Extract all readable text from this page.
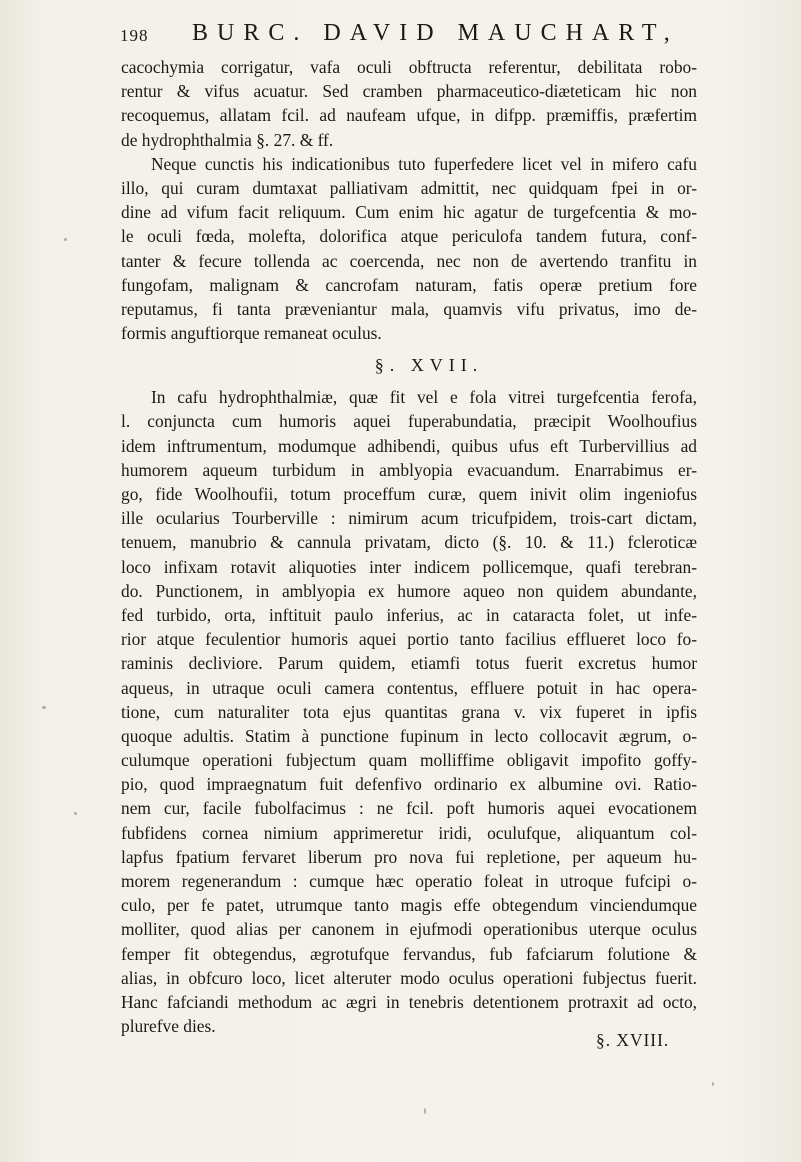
198 BURC. DAVID MAUCHART,
cacochymia corrigatur, vafa oculi obftructa referentur, debilitata robo-
rentur & vifus acuatur. Sed cramben pharmaceutico-diæteticam hic non
recoquemus, allatam fcil. ad naufeam ufque, in difpp. præmiffis, præfertim
de hydrophthalmia §. 27. & ff.
Neque cunctis his indicationibus tuto fuperfedere licet vel in mifero cafu
illo, qui curam dumtaxat palliativam admittit, nec quidquam fpei in or-
dine ad vifum facit reliquum. Cum enim hic agatur de turgefcentia & mo-
le oculi fœda, molefta, dolorifica atque periculofa tandem futura, conf-
tanter & fecure tollenda ac coercenda, nec non de avertendo tranfitu in
fungofam, malignam & cancrofam naturam, fatis operæ pretium fore
reputamus, fi tanta præveniantur mala, quamvis vifu privatus, imo de-
formis anguftiorque remaneat oculus.
§. XVII.
In cafu hydrophthalmiæ, quæ fit vel e fola vitrei turgefcentia ferofa,
l. conjuncta cum humoris aquei fuperabundatia, præcipit Woolhoufius
idem inftrumentum, modumque adhibendi, quibus ufus eft Turbervillius ad
humorem aqueum turbidum in amblyopia evacuandum. Enarrabimus er-
go, fide Woolhoufii, totum proceffum curæ, quem inivit olim ingeniofus
ille ocularius Tourberville : nimirum acum tricufpidem, trois-cart dictam,
tenuem, manubrio & cannula privatam, dicto (§. 10. & 11.) fcleroticæ
loco infixam rotavit aliquoties inter indicem pollicemque, quafi terebran-
do. Punctionem, in amblyopia ex humore aqueo non quidem abundante,
fed turbido, orta, inftituit paulo inferius, ac in cataracta folet, ut infe-
rior atque feculentior humoris aquei portio tanto facilius efflueret loco fo-
raminis decliviore. Parum quidem, etiamfi totus fuerit excretus humor
aqueus, in utraque oculi camera contentus, effluere potuit in hac opera-
tione, cum naturaliter tota ejus quantitas grana v. vix fuperet in ipfis
quoque adultis. Statim à punctione fupinum in lecto collocavit ægrum, o-
culumque operationi fubjectum quam molliffime obligavit impofito goffy-
pio, quod impraegnatum fuit defenfivo ordinario ex albumine ovi. Ratio-
nem cur, facile fubolfacimus : ne fcil. poft humoris aquei evocationem
fubfidens cornea nimium apprimeretur iridi, oculufque, aliquantum col-
lapfus fpatium fervaret liberum pro nova fui repletione, per aqueum hu-
morem regenerandum : cumque hæc operatio foleat in utroque fufcipi o-
culo, per fe patet, utrumque tanto magis effe obtegendum vinciendumque
molliter, quod alias per canonem in ejufmodi operationibus uterque oculus
femper fit obtegendus, ægrotufque fervandus, fub fafciarum folutione &
alias, in obfcuro loco, licet alteruter modo oculus operationi fubjectus fuerit.
Hanc fafciandi methodum ac ægri in tenebris detentionem protraxit ad octo,
plurefve dies.
§. XVIII.
